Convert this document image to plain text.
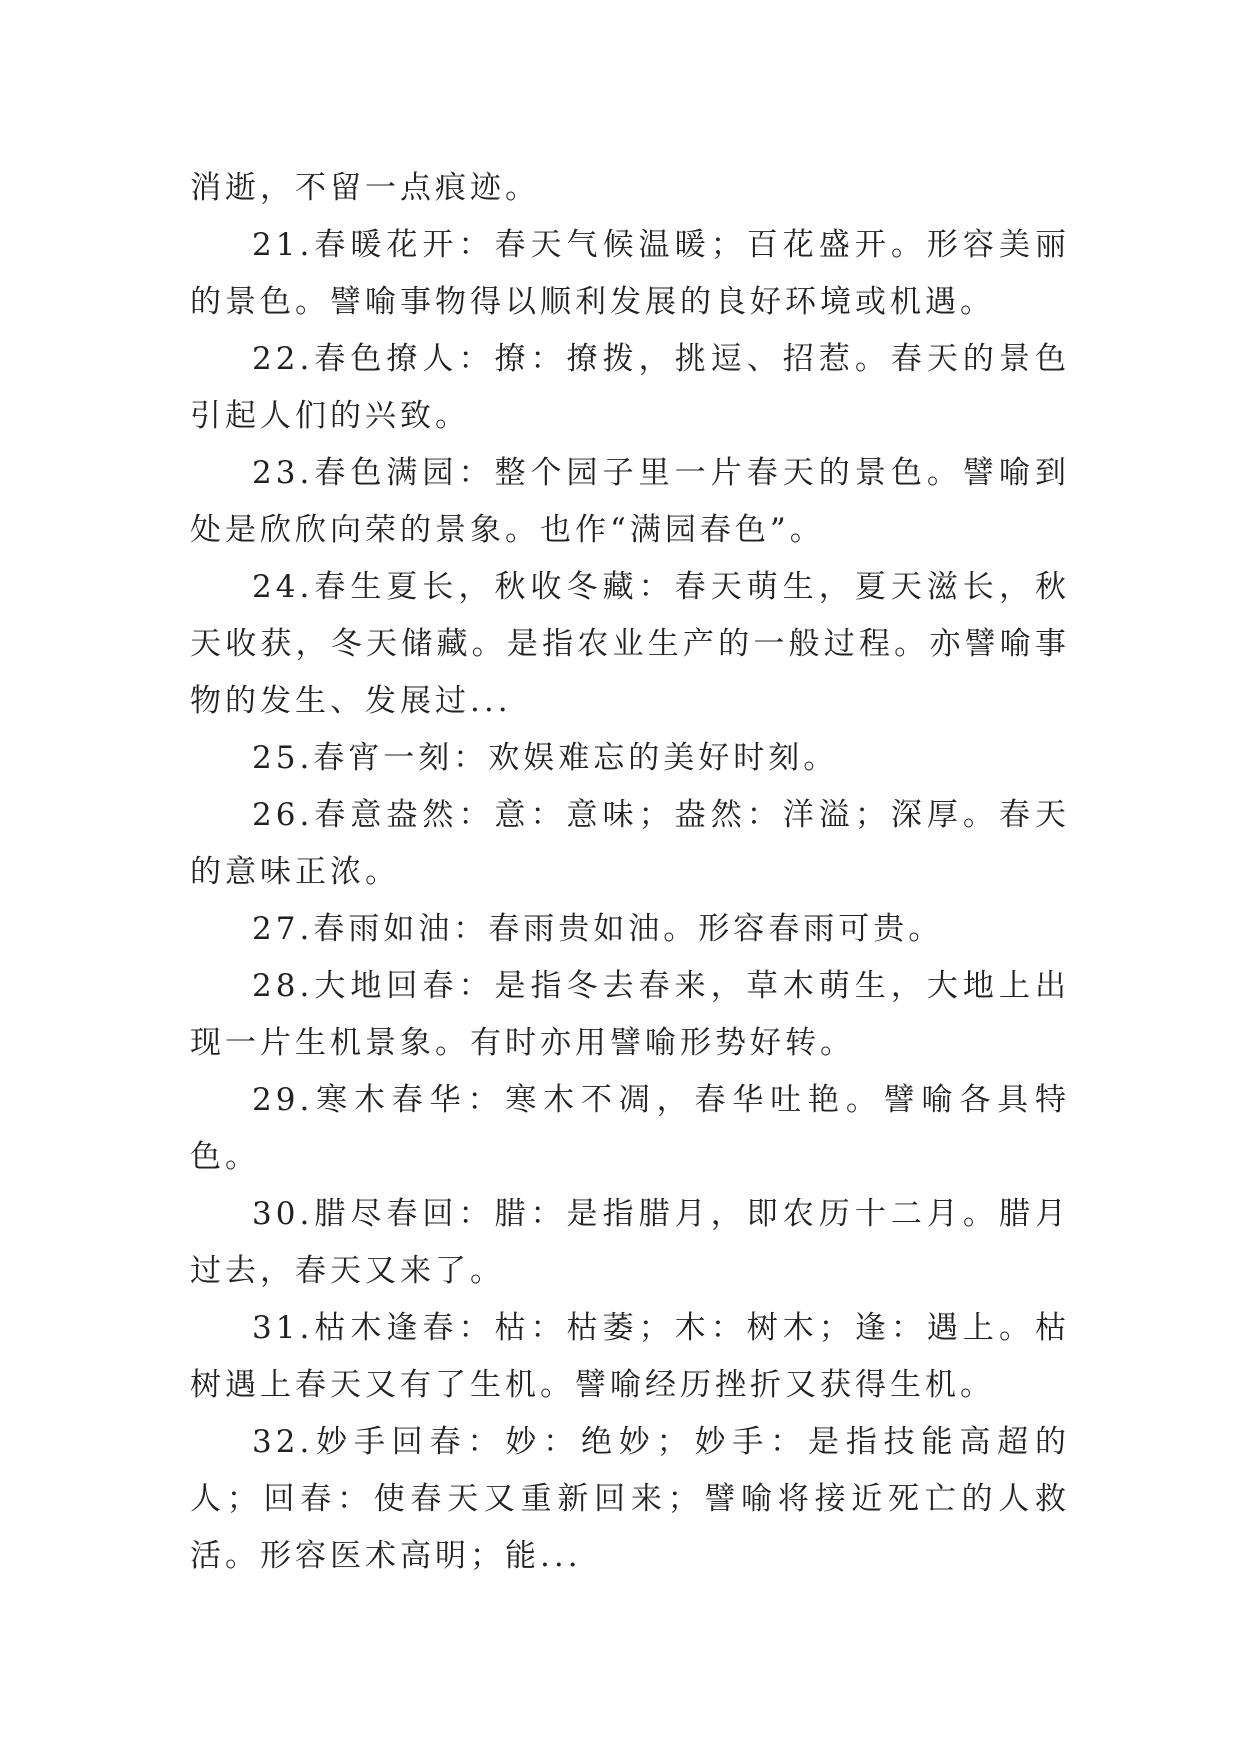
消逝，不留一点痕迹。

21.春暖花开：春天气候温暖；百花盛开。形容美丽的景色。譬喻事物得以顺利发展的良好环境或机遇。

22.春色撩人：撩：撩拨，挑逗、招惹。春天的景色引起人们的兴致。

23.春色满园：整个园子里一片春天的景色。譬喻到处是欣欣向荣的景象。也作“满园春色”。

24.春生夏长，秋收冬藏：春天萌生，夏天滋长，秋天收获，冬天储藏。是指农业生产的一般过程。亦譬喻事物的发生、发展过...

25.春宵一刻：欢娱难忘的美好时刻。

26.春意盎然：意：意味；盎然：洋溢；深厚。春天的意味正浓。

27.春雨如油：春雨贵如油。形容春雨可贵。

28.大地回春：是指冬去春来，草木萌生，大地上出现一片生机景象。有时亦用譬喻形势好转。

29.寒木春华：寒木不凋，春华吐艳。譬喻各具特色。

30.腊尽春回：腊：是指腊月，即农历十二月。腊月过去，春天又来了。

31.枯木逢春：枯：枯萎；木：树木；逢：遇上。枯树遇上春天又有了生机。譬喻经历挫折又获得生机。

32.妙手回春：妙：绝妙；妙手：是指技能高超的人；回春：使春天又重新回来；譬喻将接近死亡的人救活。形容医术高明；能...
